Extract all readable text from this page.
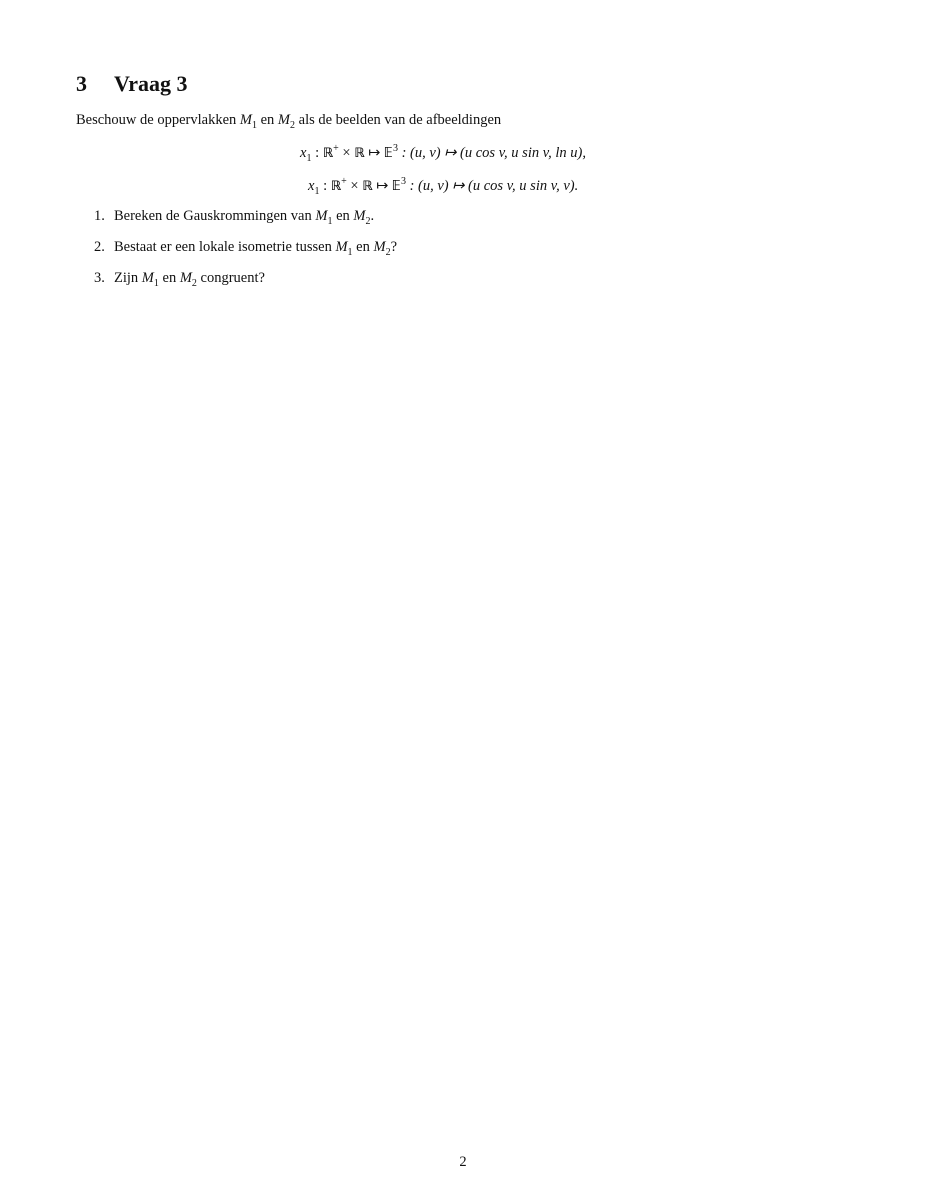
3 Vraag 3
Beschouw de oppervlakken $M_1$ en $M_2$ als de beelden van de afbeeldingen
$x_1$ : ℝ+ × ℝ ↦ 𝔼$^3$ : (u, v) ↦ (u cos v, u sin v, ln u),
$x_1$ : ℝ+ × ℝ ↦ 𝔼$^3$ : (u, v) ↦ (u cos v, u sin v, v).
1. Bereken de Gauskrommingen van $M_1$ en $M_2$.
2. Bestaat er een lokale isometrie tussen $M_1$ en $M_2$?
3. Zijn $M_1$ en $M_2$ congruent?
2
